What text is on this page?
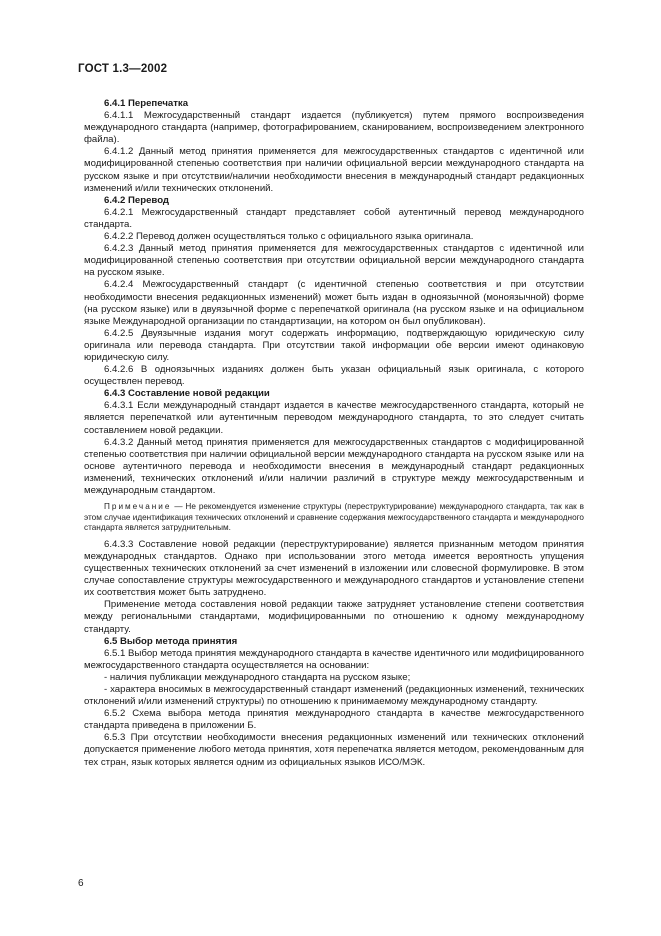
ГОСТ 1.3—2002

6.4.1 Перепечатка

6.4.1.1 Межгосударственный стандарт издается (публикуется) путем прямого воспроизведения международного стандарта (например, фотографированием, сканированием, воспроизведением электронного файла).

6.4.1.2 Данный метод принятия применяется для межгосударственных стандартов с идентичной или модифицированной степенью соответствия при наличии официальной версии международного стандарта на русском языке и при отсутствии/наличии необходимости внесения в международный стандарт редакционных изменений и/или технических отклонений.

6.4.2 Перевод

6.4.2.1 Межгосударственный стандарт представляет собой аутентичный перевод международного стандарта.

6.4.2.2 Перевод должен осуществляться только с официального языка оригинала.

6.4.2.3 Данный метод принятия применяется для межгосударственных стандартов с идентичной или модифицированной степенью соответствия при отсутствии официальной версии международного стандарта на русском языке.

6.4.2.4 Межгосударственный стандарт (с идентичной степенью соответствия и при отсутствии необходимости внесения редакционных изменений) может быть издан в одноязычной (моноязычной) форме (на русском языке) или в двуязычной форме с перепечаткой оригинала (на русском языке и на официальном языке Международной организации по стандартизации, на котором он был опубликован).

6.4.2.5 Двуязычные издания могут содержать информацию, подтверждающую юридическую силу оригинала или перевода стандарта. При отсутствии такой информации обе версии имеют одинаковую юридическую силу.

6.4.2.6 В одноязычных изданиях должен быть указан официальный язык оригинала, с которого осуществлен перевод.

6.4.3 Составление новой редакции

6.4.3.1 Если международный стандарт издается в качестве межгосударственного стандарта, который не является перепечаткой или аутентичным переводом международного стандарта, то это следует считать составлением новой редакции.

6.4.3.2 Данный метод принятия применяется для межгосударственных стандартов с модифицированной степенью соответствия при наличии официальной версии международного стандарта на русском языке или на основе аутентичного перевода и необходимости внесения в международный стандарт редакционных изменений, технических отклонений и/или наличии различий в структуре между межгосударственным и международным стандартом.

Примечание — Не рекомендуется изменение структуры (переструктурирование) международного стандарта, так как в этом случае идентификация технических отклонений и сравнение содержания межгосударственного стандарта и международного стандарта является затруднительным.

6.4.3.3 Составление новой редакции (переструктурирование) является признанным методом принятия международных стандартов. Однако при использовании этого метода имеется вероятность упущения существенных технических отклонений за счет изменений в изложении или словесной формулировке. В этом случае сопоставление структуры межгосударственного и международного стандартов и установление степени их соответствия может быть затруднено.

Применение метода составления новой редакции также затрудняет установление степени соответствия между региональными стандартами, модифицированными по отношению к одному международному стандарту.

6.5 Выбор метода принятия

6.5.1 Выбор метода принятия международного стандарта в качестве идентичного или модифицированного межгосударственного стандарта осуществляется на основании:

- наличия публикации международного стандарта на русском языке;

- характера вносимых в межгосударственный стандарт изменений (редакционных изменений, технических отклонений и/или изменений структуры) по отношению к принимаемому международному стандарту.

6.5.2 Схема выбора метода принятия международного стандарта в качестве межгосударственного стандарта приведена в приложении Б.

6.5.3 При отсутствии необходимости внесения редакционных изменений или технических отклонений допускается применение любого метода принятия, хотя перепечатка является методом, рекомендованным для тех стран, язык которых является одним из официальных языков ИСО/МЭК.

6
